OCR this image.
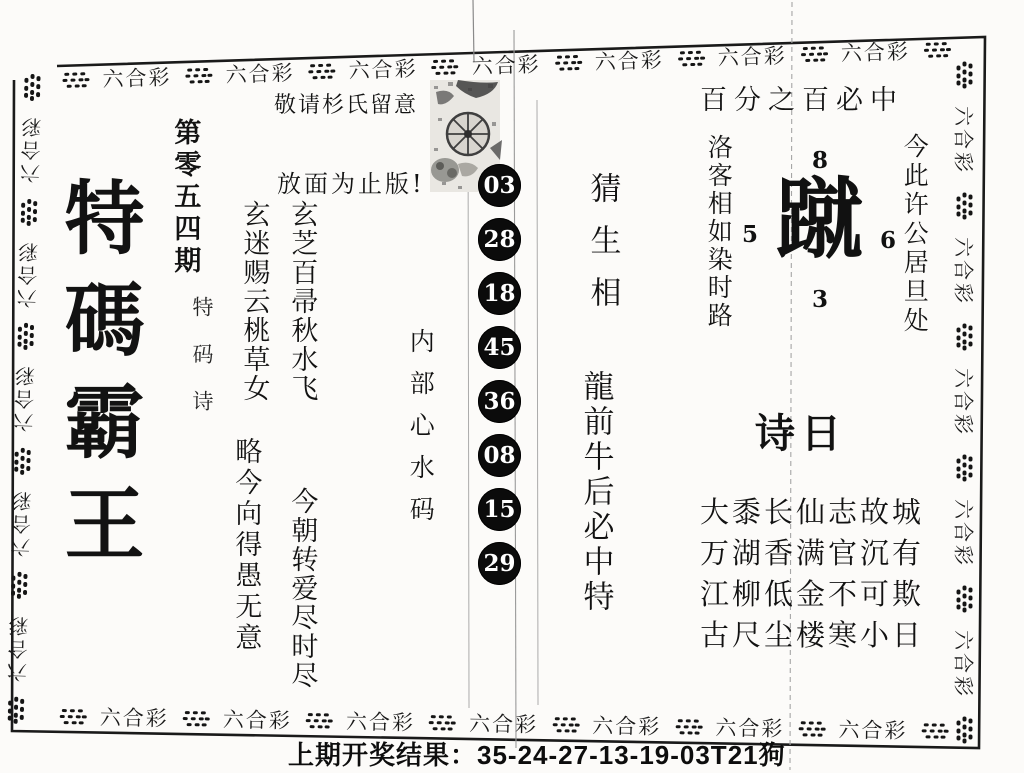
六合彩	六合彩	六合彩	六合彩	六合彩	六合彩	六合彩
六合彩	六合彩	六合彩	六合彩	六合彩	六合彩	六合彩
六合彩
六合彩
六合彩
六合彩
六合彩
六合彩
六合彩
六合彩
六合彩
六合彩
第零五四期
特碼霸王 特码诗
敬请杉氏留意
放面为止版!
玄芝百帚秋水飞
玄迷赐云桃草女
今朝转爱尽时尽
略今向得愚无意
内部心水码
03
28
18
45
36
08
15
29
猜生相
龍前牛后必中特
百分之百必中
洛客相如染时路	今此许公居旦处
8
5	6
3
蹴
诗日
大黍长仙志故城
万湖香满官沉有
江柳低金不可欺
古尺尘楼寒小日
上期开奖结果：35-24-27-13-19-03T21狗
